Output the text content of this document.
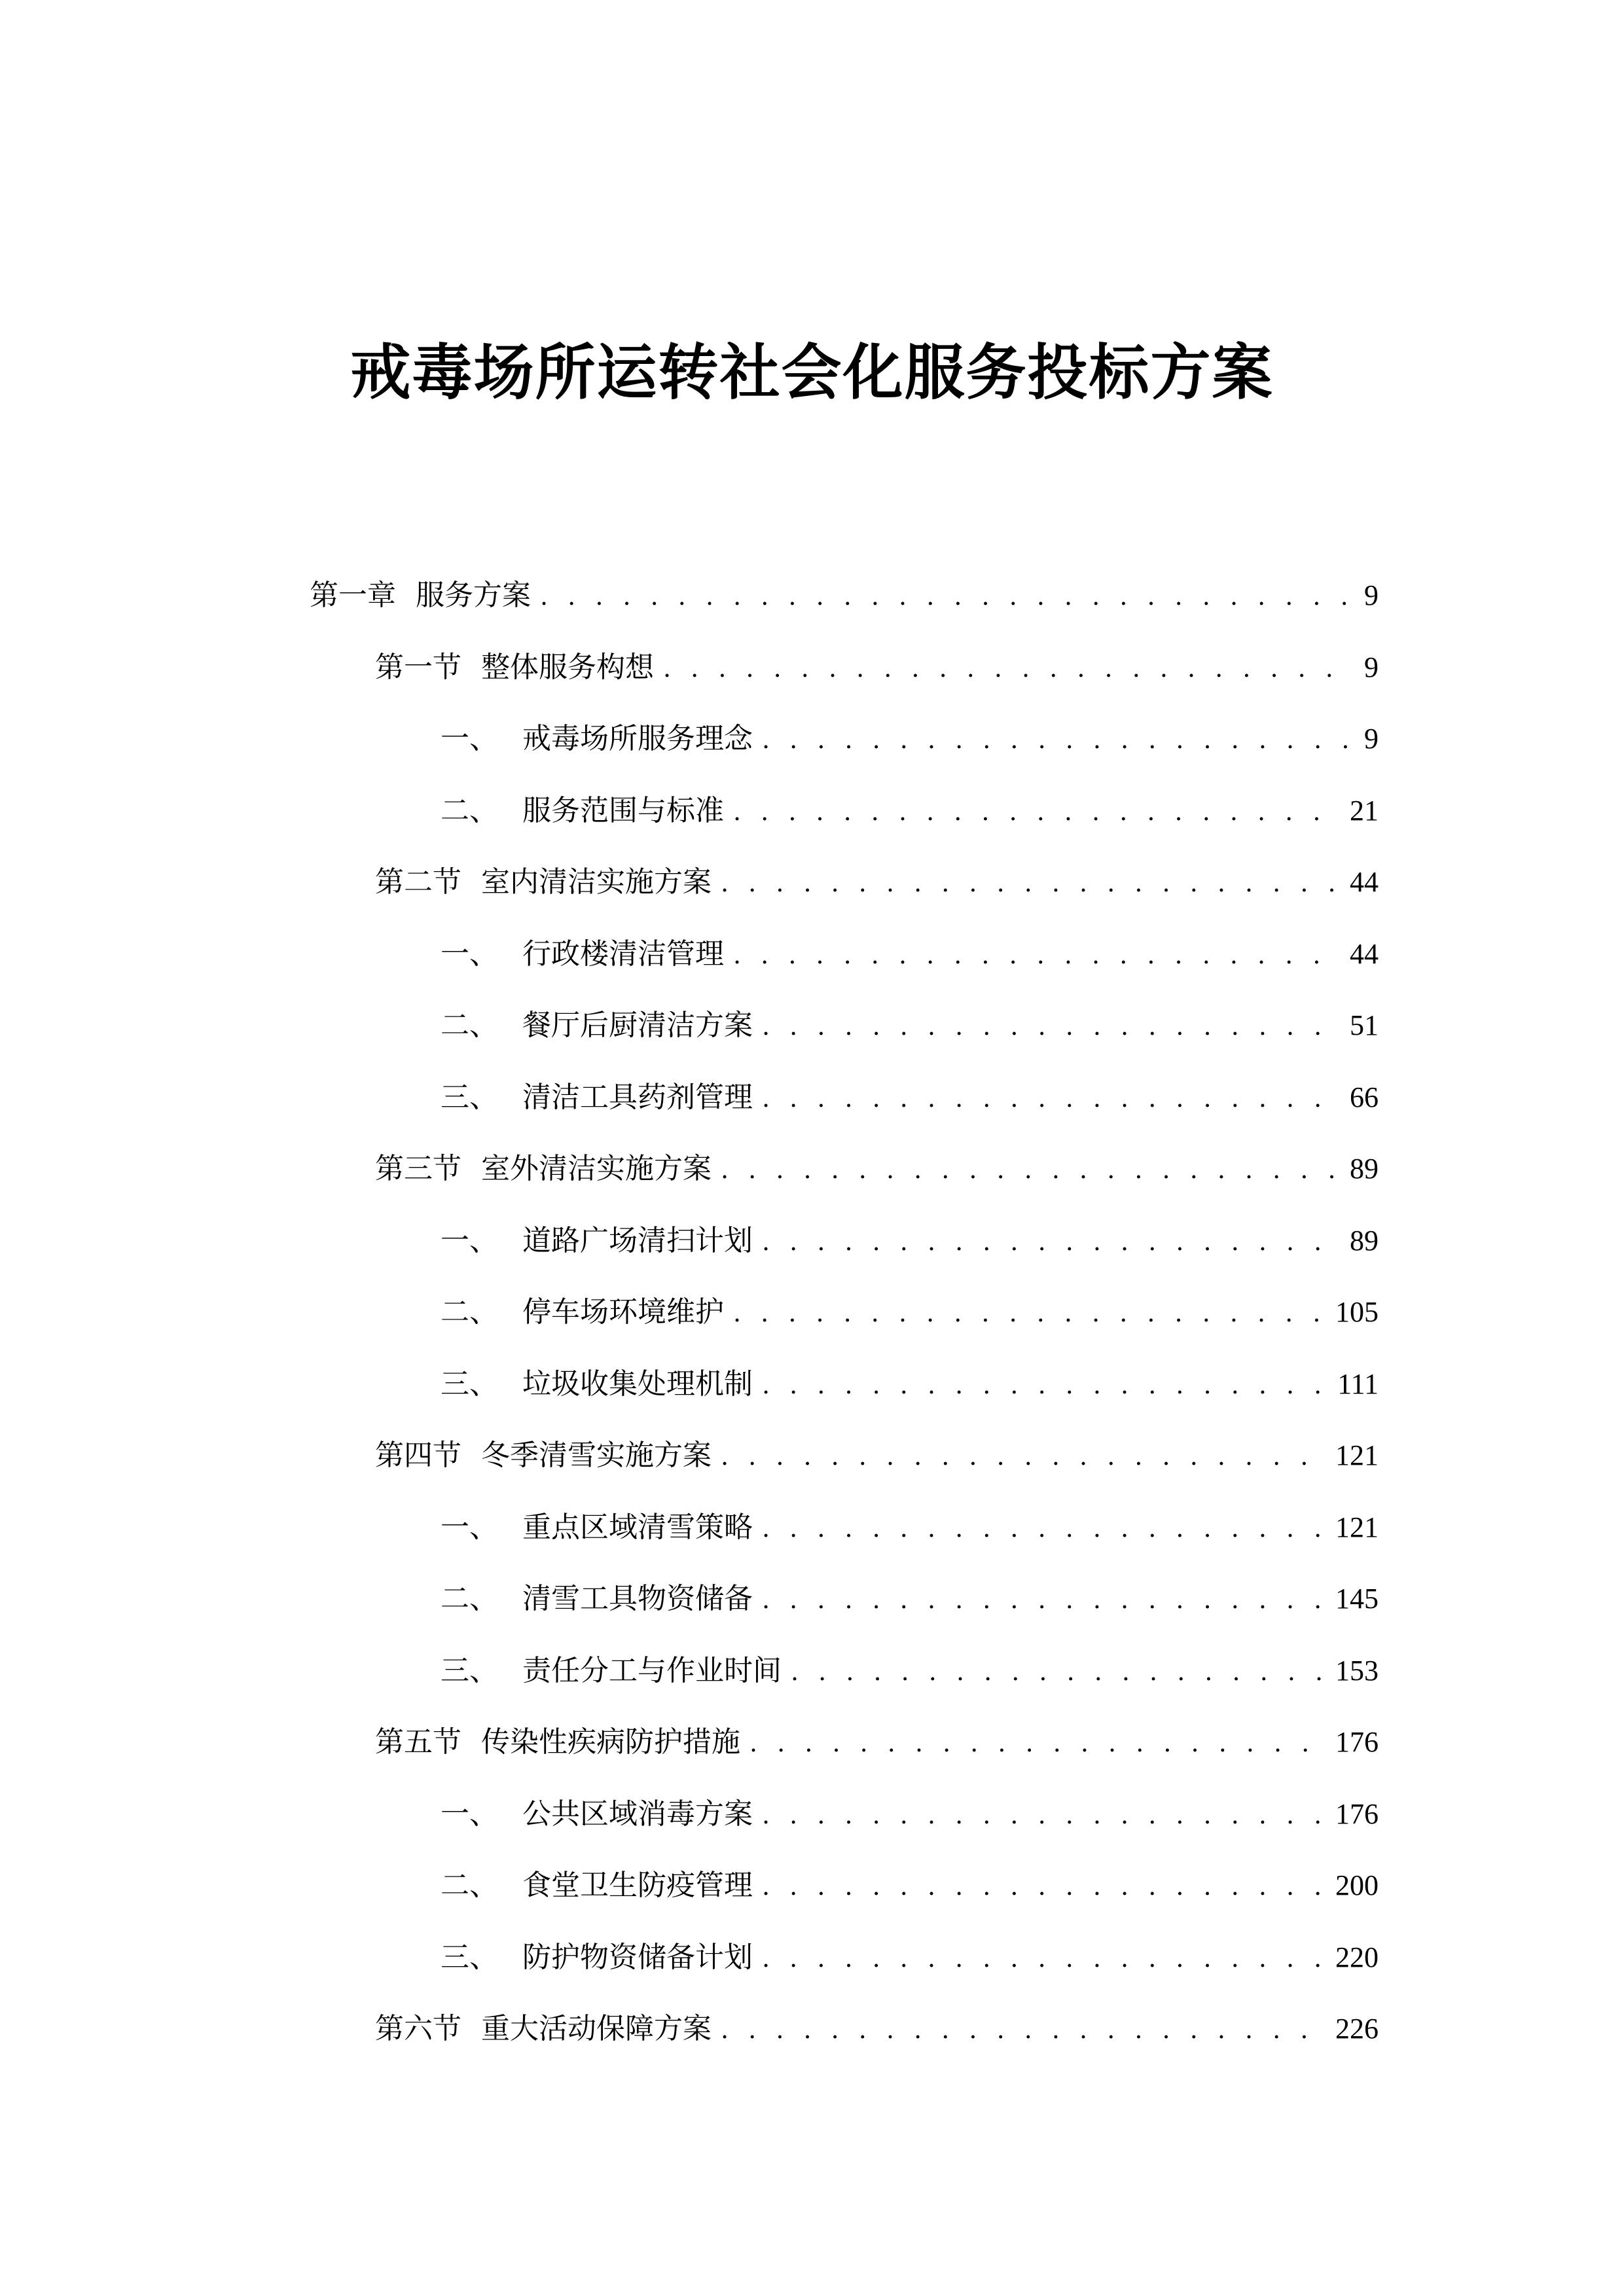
戒毒场所运转社会化服务投标方案
第一章 服务方案 . . .	9
第一节 整体服务构想 . . .	9
一、 戒毒场所服务理念 . . .	9
二、 服务范围与标准 . . .	21
第二节 室内清洁实施方案 . . .	44
一、 行政楼清洁管理 . . .	44
二、 餐厅后厨清洁方案 . . .	51
三、 清洁工具药剂管理 . . .	66
第三节 室外清洁实施方案 . . .	89
一、 道路广场清扫计划 . . .	89
二、 停车场环境维护 . . .	105
三、 垃圾收集处理机制 . . .	111
第四节 冬季清雪实施方案 . . .	121
一、 重点区域清雪策略 . . .	121
二、 清雪工具物资储备 . . .	145
三、 责任分工与作业时间 . . .	153
第五节 传染性疾病防护措施 . . .	176
一、 公共区域消毒方案 . . .	176
二、 食堂卫生防疫管理 . . .	200
三、 防护物资储备计划 . . .	220
第六节 重大活动保障方案 . . .	226
